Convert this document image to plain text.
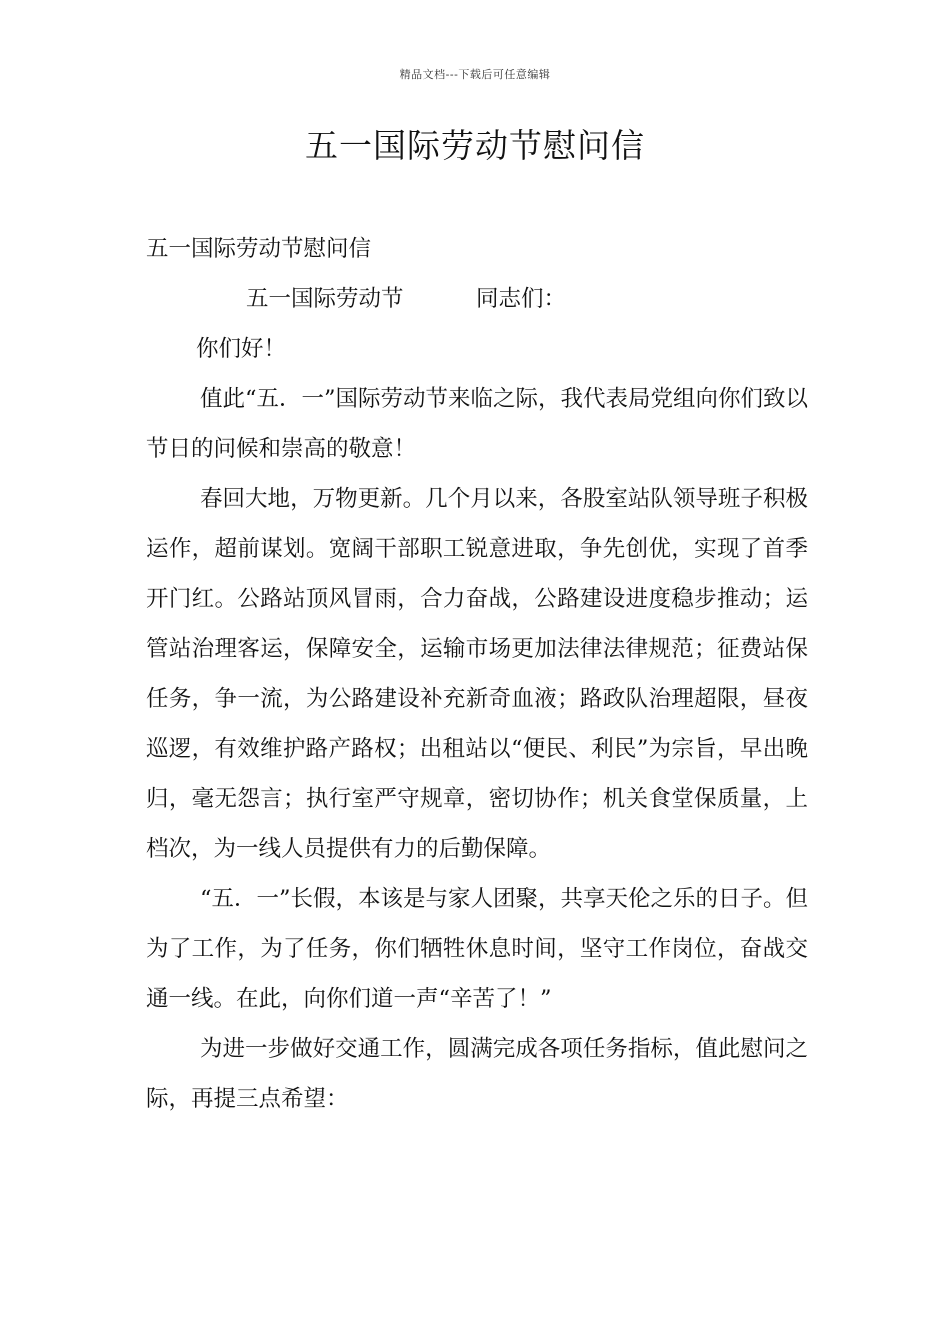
精品文档---下载后可任意编辑
五一国际劳动节慰问信

五一国际劳动节慰问信

五一国际劳动节	同志们：

你们好！

值此“五．一”国际劳动节来临之际，我代表局党组向你们致以节日的问候和崇高的敬意！

春回大地，万物更新。几个月以来，各股室站队领导班子积极运作，超前谋划。宽阔干部职工锐意进取，争先创优，实现了首季开门红。公路站顶风冒雨，合力奋战，公路建设进度稳步推动；运管站治理客运，保障安全，运输市场更加法律法律规范；征费站保任务，争一流，为公路建设补充新奇血液；路政队治理超限，昼夜巡逻，有效维护路产路权；出租站以“便民、利民”为宗旨，早出晚归，毫无怨言；执行室严守规章，密切协作；机关食堂保质量，上档次，为一线人员提供有力的后勤保障。

“五．一”长假，本该是与家人团聚，共享天伦之乐的日子。但为了工作，为了任务，你们牺牲休息时间，坚守工作岗位，奋战交通一线。在此，向你们道一声“辛苦了！”

为进一步做好交通工作，圆满完成各项任务指标，值此慰问之际，再提三点希望：
